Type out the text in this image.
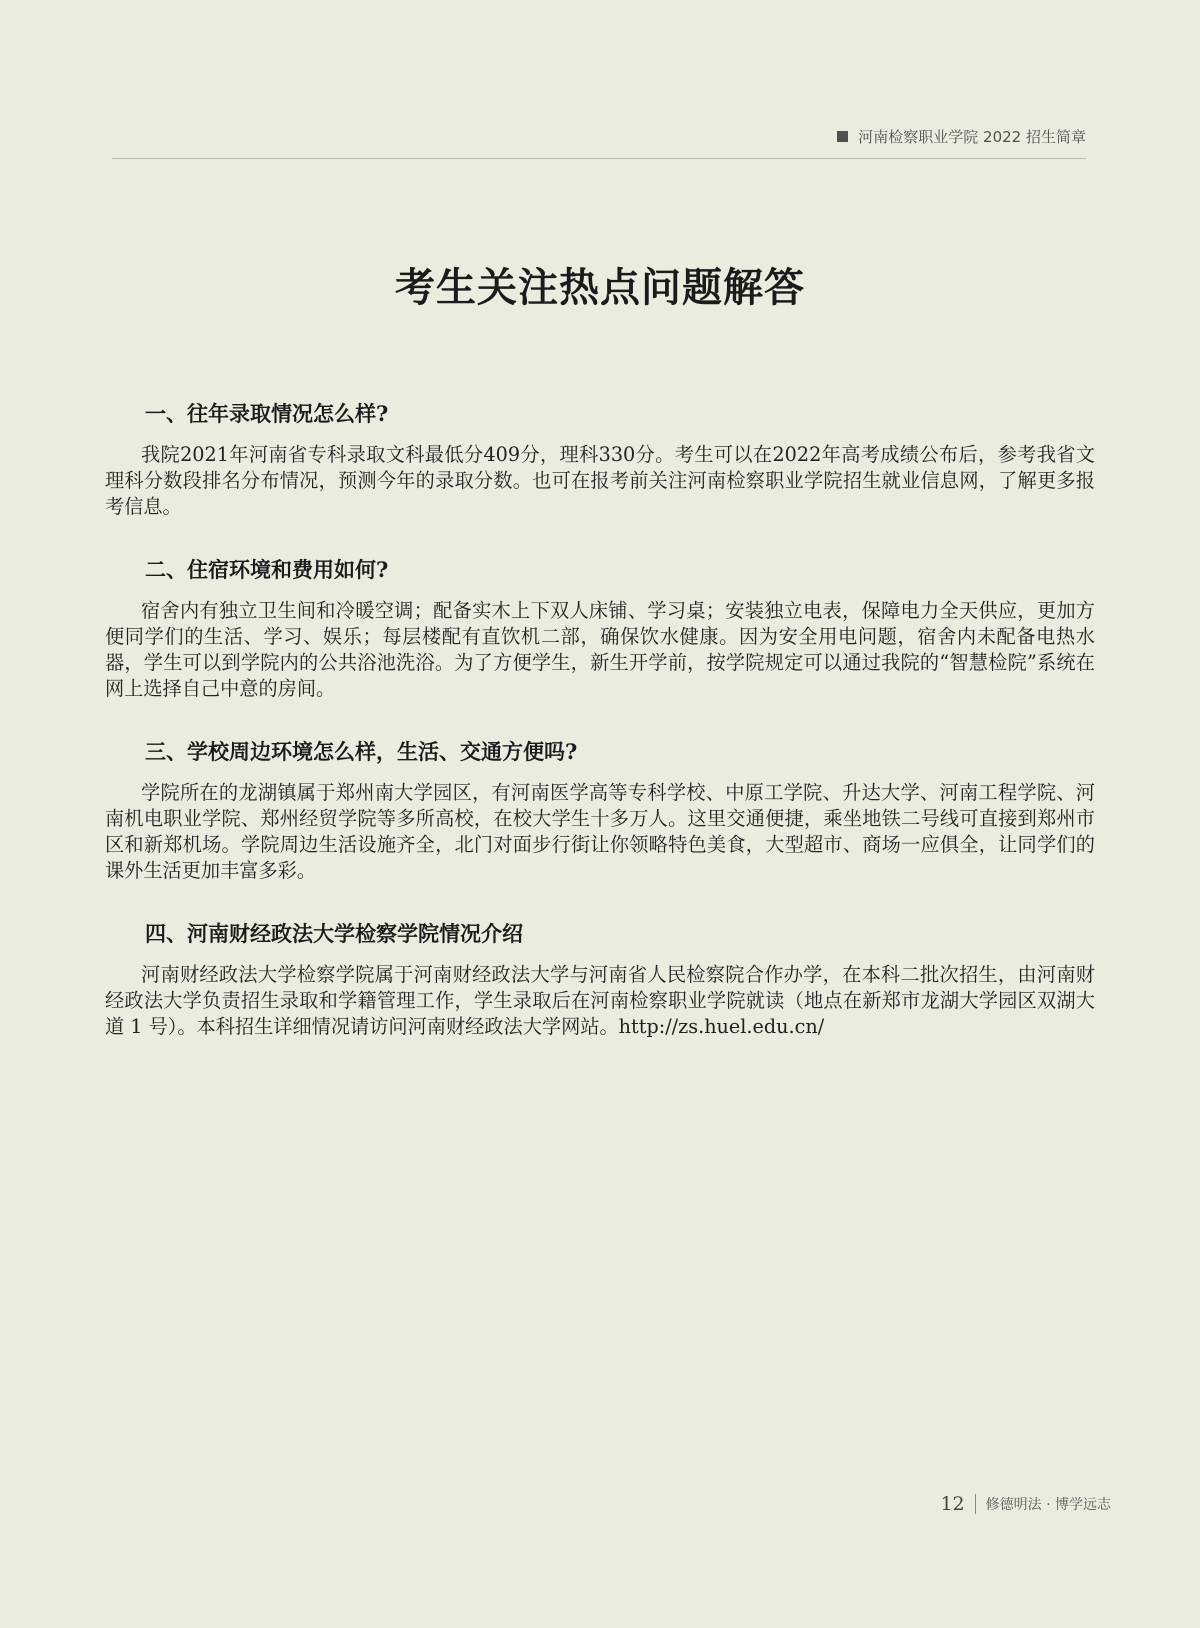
河南检察职业学院 2022 招生简章
考生关注热点问题解答
一、往年录取情况怎么样?

我院2021年河南省专科录取文科最低分409分，理科330分。考生可以在2022年高考成绩公布后，参考我省文理科分数段排名分布情况，预测今年的录取分数。也可在报考前关注河南检察职业学院招生就业信息网，了解更多报考信息。

二、住宿环境和费用如何?

宿舍内有独立卫生间和冷暖空调；配备实木上下双人床铺、学习桌；安装独立电表，保障电力全天供应，更加方便同学们的生活、学习、娱乐；每层楼配有直饮机二部，确保饮水健康。因为安全用电问题，宿舍内未配备电热水器，学生可以到学院内的公共浴池洗浴。为了方便学生，新生开学前，按学院规定可以通过我院的“智慧检院”系统在网上选择自己中意的房间。

三、学校周边环境怎么样，生活、交通方便吗?

学院所在的龙湖镇属于郑州南大学园区，有河南医学高等专科学校、中原工学院、升达大学、河南工程学院、河南机电职业学院、郑州经贸学院等多所高校，在校大学生十多万人。这里交通便捷，乘坐地铁二号线可直接到郑州市区和新郑机场。学院周边生活设施齐全，北门对面步行街让你领略特色美食，大型超市、商场一应俱全，让同学们的课外生活更加丰富多彩。

四、河南财经政法大学检察学院情况介绍

河南财经政法大学检察学院属于河南财经政法大学与河南省人民检察院合作办学，在本科二批次招生，由河南财经政法大学负责招生录取和学籍管理工作，学生录取后在河南检察职业学院就读（地点在新郑市龙湖大学园区双湖大道 1 号）。本科招生详细情况请访问河南财经政法大学网站。http://zs.huel.edu.cn/

12 修德明法 · 博学远志
